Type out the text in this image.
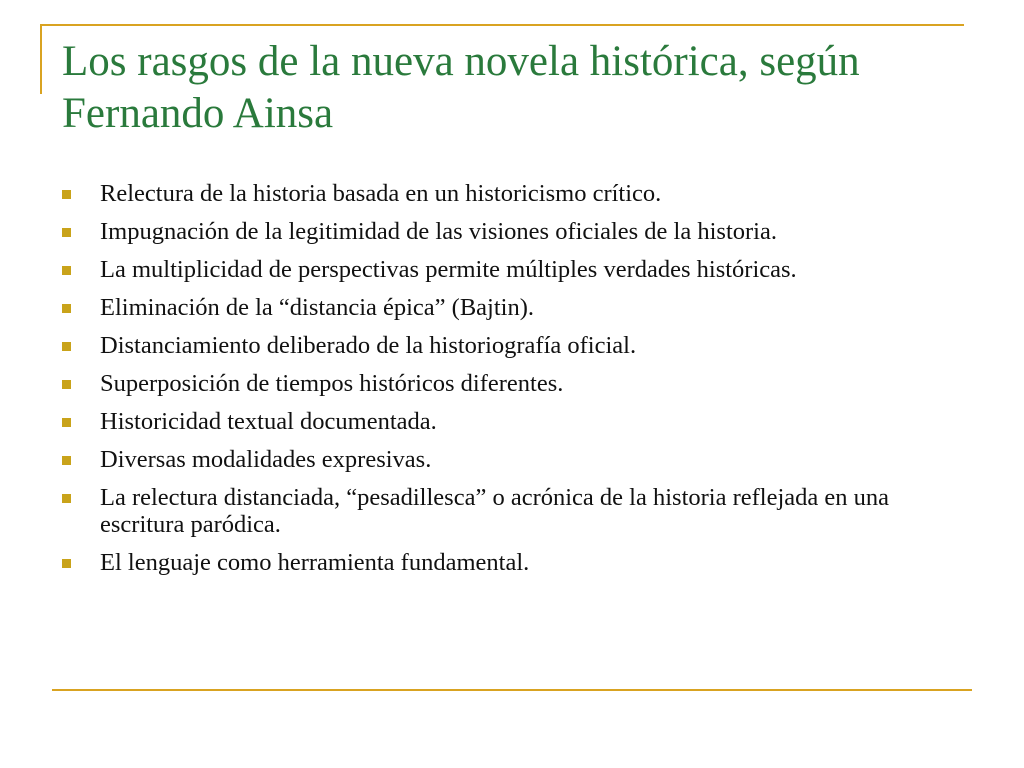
Los rasgos de la nueva novela histórica, según Fernando Ainsa
Relectura de la historia basada en un historicismo crítico.
Impugnación de la legitimidad de las visiones oficiales de la historia.
La multiplicidad de perspectivas permite múltiples verdades históricas.
Eliminación de la “distancia épica” (Bajtin).
Distanciamiento deliberado de la historiografía oficial.
Superposición de tiempos históricos diferentes.
Historicidad textual documentada.
Diversas modalidades expresivas.
La relectura distanciada, “pesadillesca” o acrónica de la historia reflejada en una escritura paródica.
El lenguaje como herramienta fundamental.
